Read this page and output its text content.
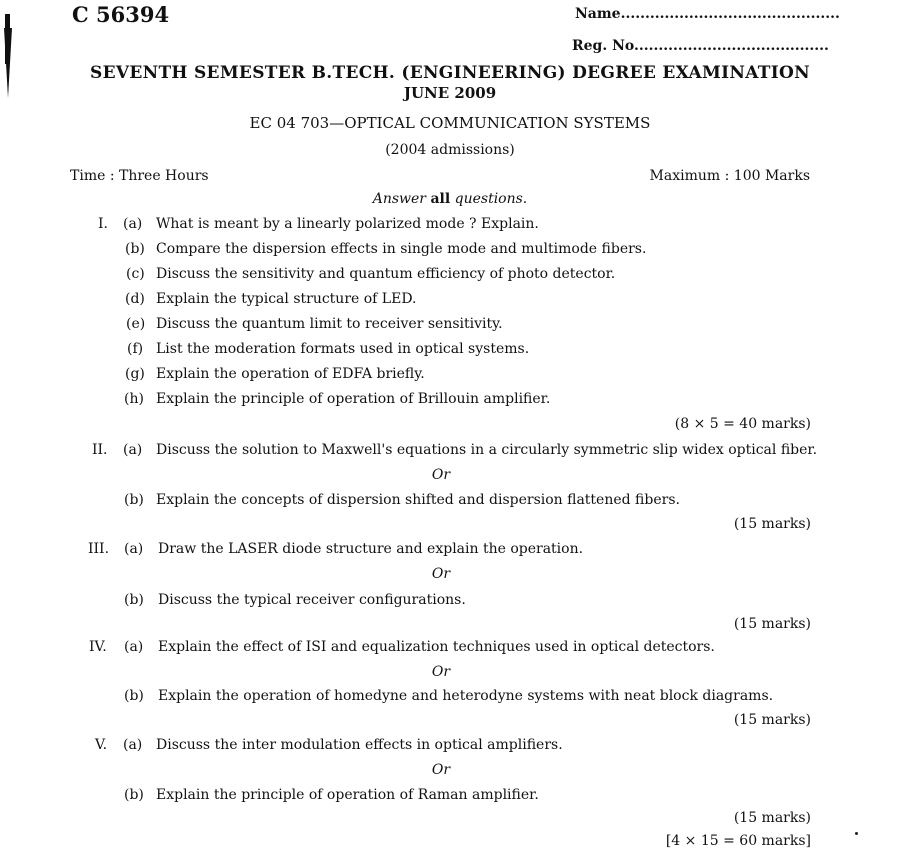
C 56394	Name.............................................
Reg. No........................................
SEVENTH SEMESTER B.TECH. (ENGINEERING) DEGREE EXAMINATION
JUNE 2009
EC 04 703—OPTICAL COMMUNICATION SYSTEMS
(2004 admissions)
Time : Three Hours	Maximum : 100 Marks
Answer all questions.
I. (a) What is meant by a linearly polarized mode ? Explain.
(b) Compare the dispersion effects in single mode and multimode fibers.
(c) Discuss the sensitivity and quantum efficiency of photo detector.
(d) Explain the typical structure of LED.
(e) Discuss the quantum limit to receiver sensitivity.
(f) List the moderation formats used in optical systems.
(g) Explain the operation of EDFA briefly.
(h) Explain the principle of operation of Brillouin amplifier.
(8 × 5 = 40 marks)
II. (a) Discuss the solution to Maxwell's equations in a circularly symmetric slip widex optical fiber.
Or
(b) Explain the concepts of dispersion shifted and dispersion flattened fibers.
(15 marks)
III. (a) Draw the LASER diode structure and explain the operation.
Or
(b) Discuss the typical receiver configurations.
(15 marks)
IV. (a) Explain the effect of ISI and equalization techniques used in optical detectors.
Or
(b) Explain the operation of homedyne and heterodyne systems with neat block diagrams.
(15 marks)
V. (a) Discuss the inter modulation effects in optical amplifiers.
Or
(b) Explain the principle of operation of Raman amplifier.
(15 marks)
[4 × 15 = 60 marks]
